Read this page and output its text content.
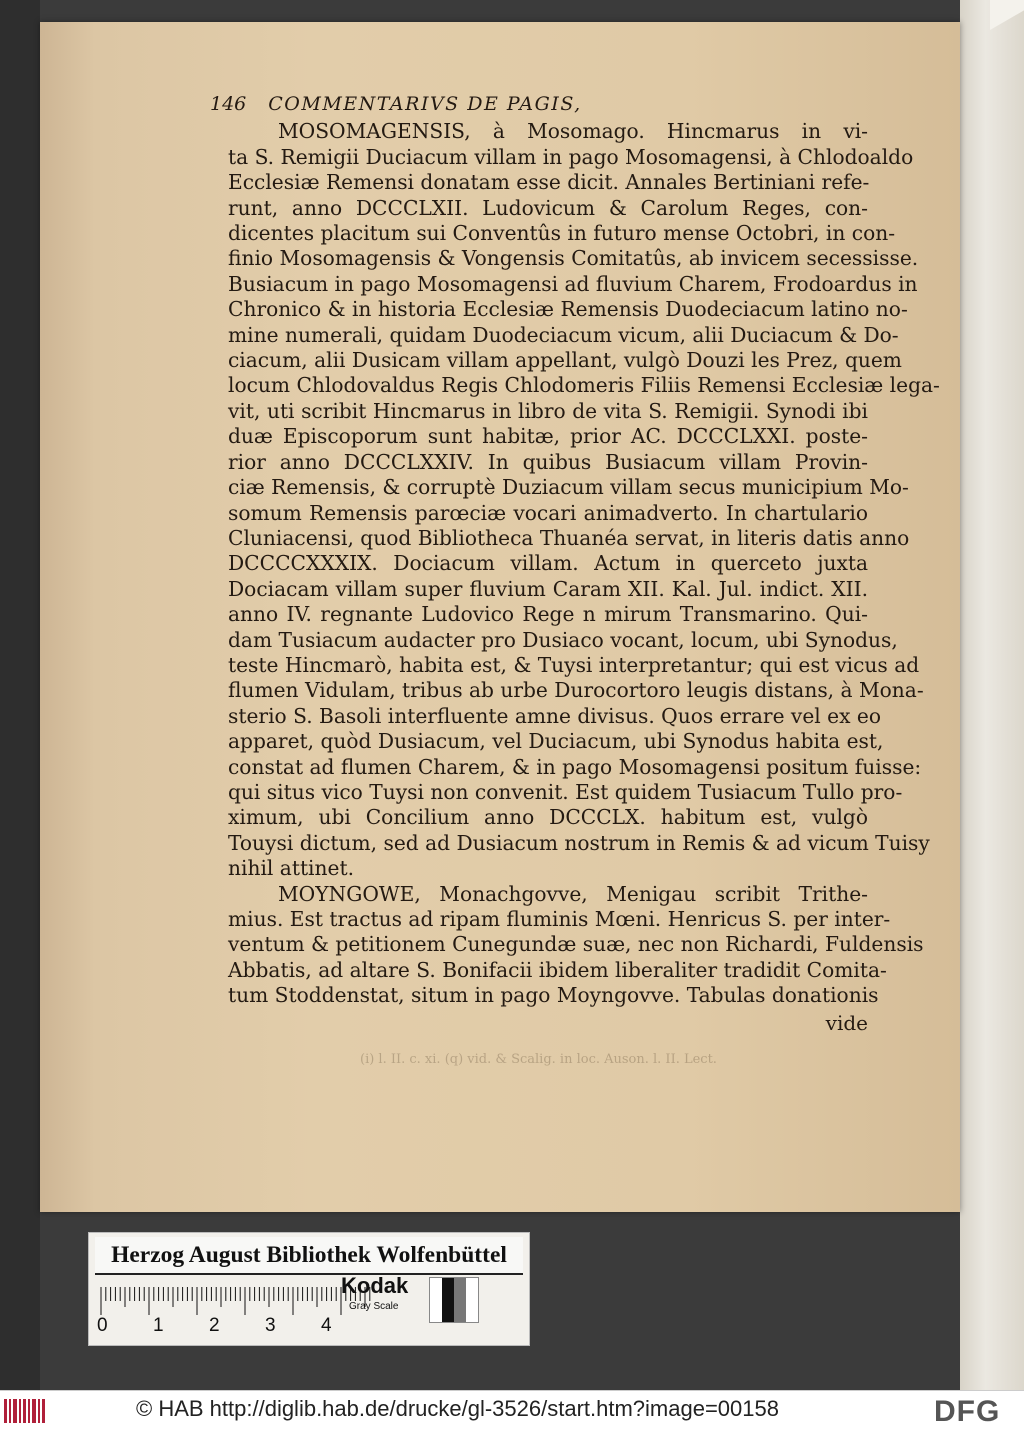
146 COMMENTARIVS DE PAGIS,
MOSOMAGENSIS, à Mosomago. Hincmarus in vi-
ta S. Remigii Duciacum villam in pago Mosomagensi, à Chlodoaldo
Ecclesiæ Remensi donatam esse dicit. Annales Bertiniani refe-
runt, anno DCCCLXII. Ludovicum & Carolum Reges, con-
dicentes placitum sui Conventûs in futuro mense Octobri, in con-
finio Mosomagensis & Vongensis Comitatûs, ab invicem secessisse.
Busiacum in pago Mosomagensi ad fluvium Charem, Frodoardus in
Chronico & in historia Ecclesiæ Remensis Duodeciacum latino no-
mine numerali, quidam Duodeciacum vicum, alii Duciacum & Do-
ciacum, alii Dusicam villam appellant, vulgò Douzi les Prez, quem
locum Chlodovaldus Regis Chlodomeris Filiis Remensi Ecclesiæ lega-
vit, uti scribit Hincmarus in libro de vita S. Remigii. Synodi ibi
duæ Episcoporum sunt habitæ, prior AC. DCCCLXXI. poste-
rior anno DCCCLXXIV. In quibus Busiacum villam Provin-
ciæ Remensis, & corruptè Duziacum villam secus municipium Mo-
somum Remensis parœciæ vocari animadverto. In chartulario
Cluniacensi, quod Bibliotheca Thuanéa servat, in literis datis anno
DCCCCXXXIX. Dociacum villam. Actum in querceto juxta
Dociacam villam super fluvium Caram XII. Kal. Jul. indict. XII.
anno IV. regnante Ludovico Rege n mirum Transmarino. Qui-
dam Tusiacum audacter pro Dusiaco vocant, locum, ubi Synodus,
teste Hincmarò, habita est, & Tuysi interpretantur; qui est vicus ad
flumen Vidulam, tribus ab urbe Durocortoro leugis distans, à Mona-
sterio S. Basoli interfluente amne divisus. Quos errare vel ex eo
apparet, quòd Dusiacum, vel Duciacum, ubi Synodus habita est,
constat ad flumen Charem, & in pago Mosomagensi positum fuisse:
qui situs vico Tuysi non convenit. Est quidem Tusiacum Tullo pro-
ximum, ubi Concilium anno DCCCLX. habitum est, vulgò
Touysi dictum, sed ad Dusiacum nostrum in Remis & ad vicum Tuisy
nihil attinet.
MOYNGOWE, Monachgovve, Menigau scribit Trithe-
mius. Est tractus ad ripam fluminis Mœni. Henricus S. per inter-
ventum & petitionem Cunegundæ suæ, nec non Richardi, Fuldensis
Abbatis, ad altare S. Bonifacii ibidem liberaliter tradidit Comita-
tum Stoddenstat, situm in pago Moyngovve. Tabulas donationis
vide
(i) l. II. c. xi. (q) vid. & Scalig. in loc. Auson. l. II. Lect.
Herzog August Bibliothek Wolfenbüttel
0 1 2 3 4
Kodak
Gray Scale
© HAB http://diglib.hab.de/drucke/gl-3526/start.htm?image=00158	DFG
